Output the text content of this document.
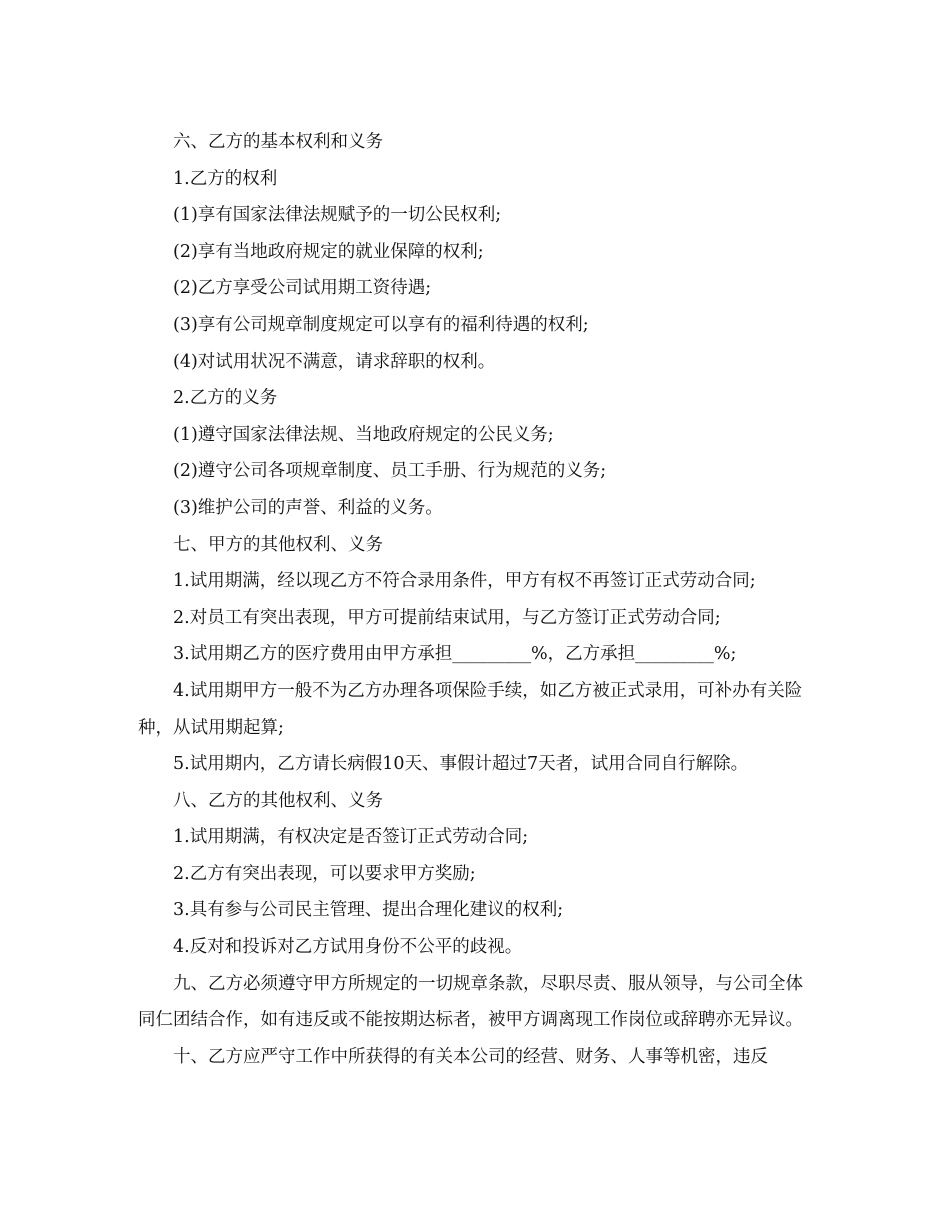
六、乙方的基本权利和义务

1.乙方的权利

(1)享有国家法律法规赋予的一切公民权利;

(2)享有当地政府规定的就业保障的权利;

(2)乙方享受公司试用期工资待遇;

(3)享有公司规章制度规定可以享有的福利待遇的权利;

(4)对试用状况不满意，请求辞职的权利。

2.乙方的义务

(1)遵守国家法律法规、当地政府规定的公民义务;

(2)遵守公司各项规章制度、员工手册、行为规范的义务;

(3)维护公司的声誉、利益的义务。

七、甲方的其他权利、义务

1.试用期满，经以现乙方不符合录用条件，甲方有权不再签订正式劳动合同;

2.对员工有突出表现，甲方可提前结束试用，与乙方签订正式劳动合同;

3.试用期乙方的医疗费用由甲方承担_________%，乙方承担_________%;

4.试用期甲方一般不为乙方办理各项保险手续，如乙方被正式录用，可补办有关险种，从试用期起算;

5.试用期内，乙方请长病假10天、事假计超过7天者，试用合同自行解除。

八、乙方的其他权利、义务

1.试用期满，有权决定是否签订正式劳动合同;

2.乙方有突出表现，可以要求甲方奖励;

3.具有参与公司民主管理、提出合理化建议的权利;

4.反对和投诉对乙方试用身份不公平的歧视。

九、乙方必须遵守甲方所规定的一切规章条款，尽职尽责、服从领导，与公司全体同仁团结合作，如有违反或不能按期达标者，被甲方调离现工作岗位或辞聘亦无异议。

十、乙方应严守工作中所获得的有关本公司的经营、财务、人事等机密，违反
